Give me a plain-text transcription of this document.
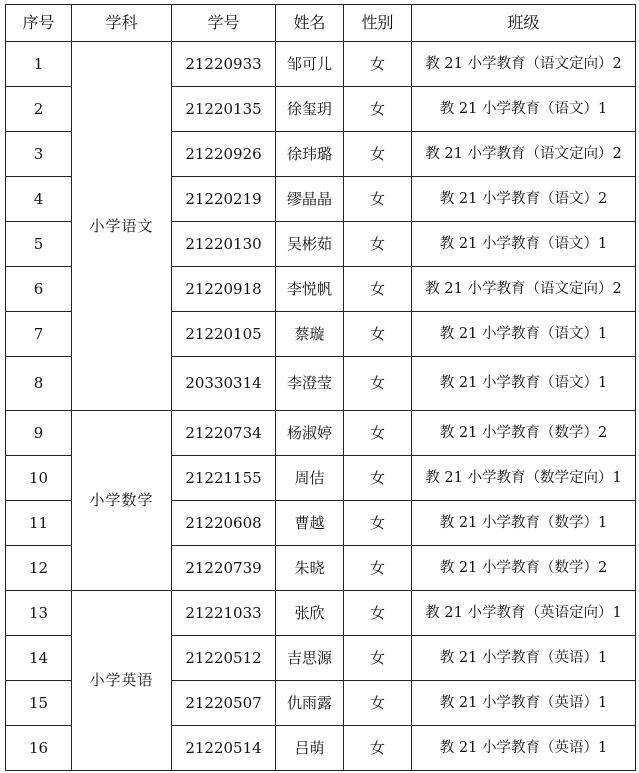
序号	学科	学号	姓名	性别	班级
1	小学语文	21220933	邹可儿	女	教 21 小学教育（语文定向）2
2		21220135	徐玺玥	女	教 21 小学教育（语文）1
3		21220926	徐玮璐	女	教 21 小学教育（语文定向）2
4		21220219	缪晶晶	女	教 21 小学教育（语文）2
5		21220130	吴彬茹	女	教 21 小学教育（语文）1
6		21220918	李悦帆	女	教 21 小学教育（语文定向）2
7		21220105	蔡璇	女	教 21 小学教育（语文）1
8		20330314	李澄莹	女	教 21 小学教育（语文）1
9	小学数学	21220734	杨淑婷	女	教 21 小学教育（数学）2
10		21221155	周佶	女	教 21 小学教育（数学定向）1
11		21220608	曹越	女	教 21 小学教育（数学）1
12		21220739	朱晓	女	教 21 小学教育（数学）2
13	小学英语	21221033	张欣	女	教 21 小学教育（英语定向）1
14		21220512	吉思源	女	教 21 小学教育（英语）1
15		21220507	仇雨露	女	教 21 小学教育（英语）1
16		21220514	吕萌	女	教 21 小学教育（英语）1
